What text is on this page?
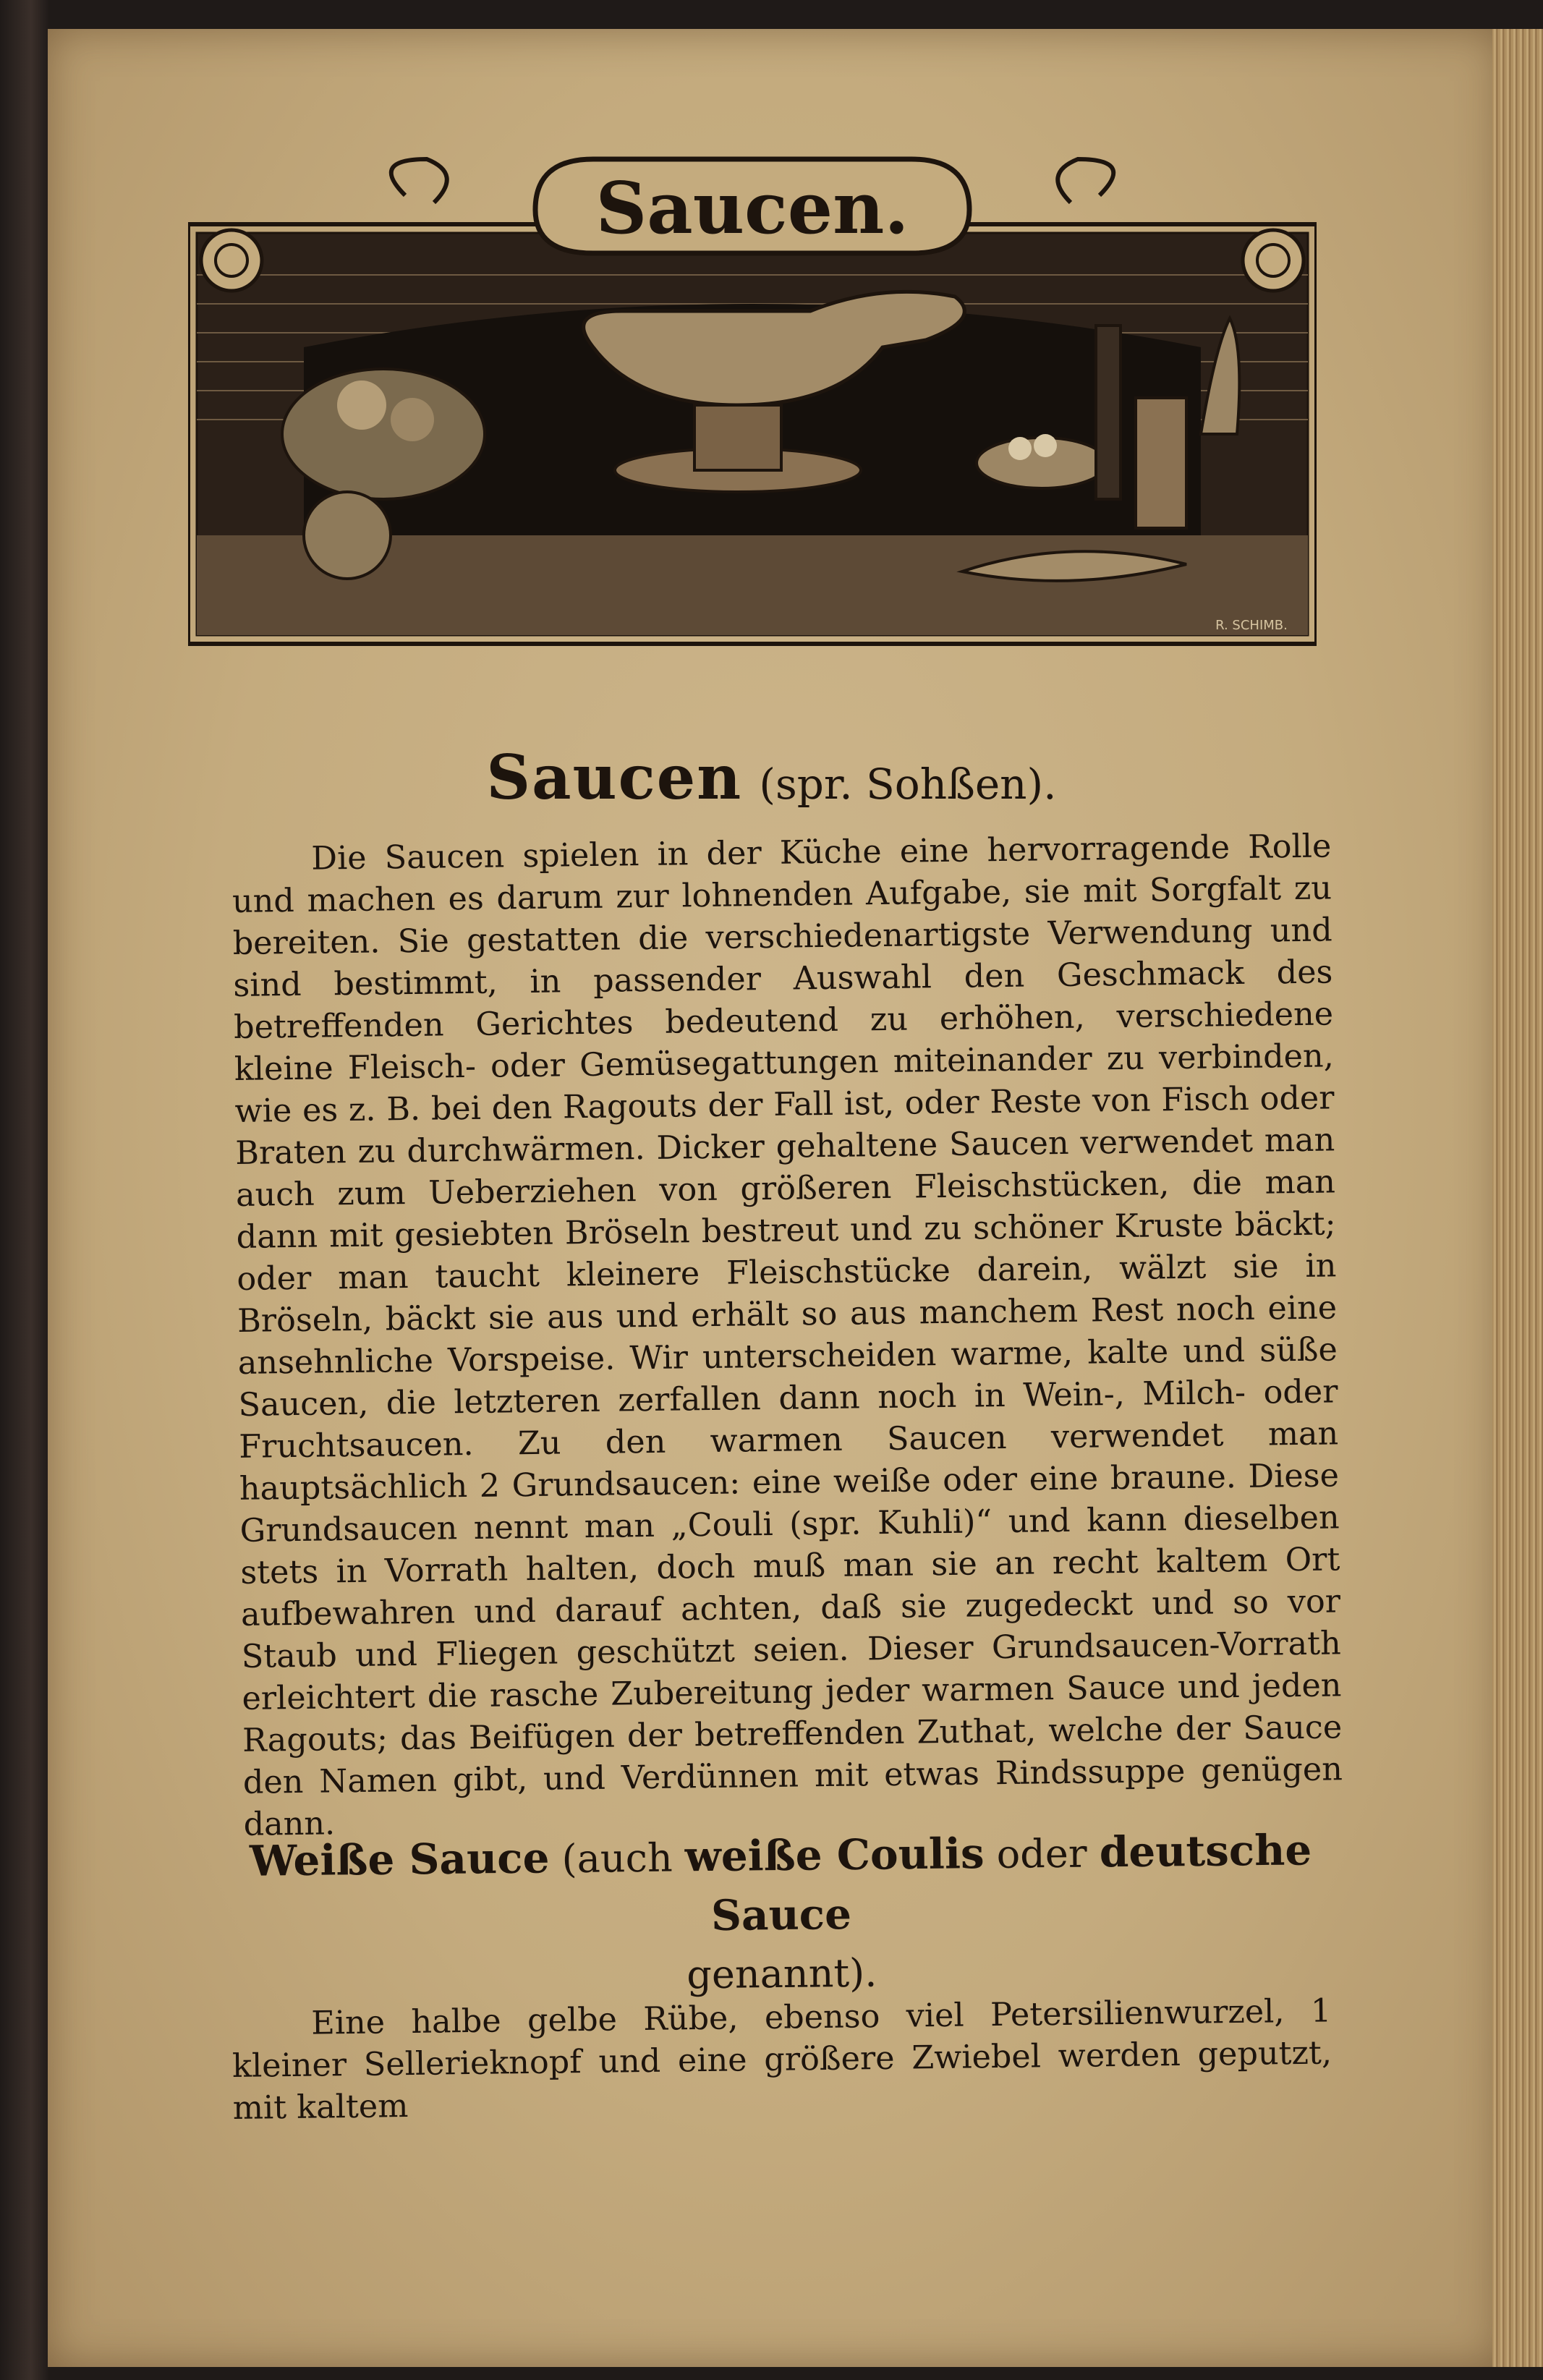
Saucen.
R. SCHIMB.
Saucen (spr. Sohßen).

Die Saucen spielen in der Küche eine hervorragende Rolle und machen es darum zur lohnenden Aufgabe, sie mit Sorgfalt zu bereiten. Sie gestatten die verschiedenartigste Verwendung und sind bestimmt, in passender Auswahl den Geschmack des betreffenden Gerichtes bedeutend zu erhöhen, verschiedene kleine Fleisch- oder Gemüsegattungen miteinander zu verbinden, wie es z. B. bei den Ragouts der Fall ist, oder Reste von Fisch oder Braten zu durchwärmen. Dicker gehaltene Saucen verwendet man auch zum Ueberziehen von größeren Fleischstücken, die man dann mit gesiebten Bröseln bestreut und zu schöner Kruste bäckt; oder man taucht kleinere Fleischstücke darein, wälzt sie in Bröseln, bäckt sie aus und erhält so aus manchem Rest noch eine ansehnliche Vorspeise. Wir unterscheiden warme, kalte und süße Saucen, die letzteren zerfallen dann noch in Wein-, Milch- oder Fruchtsaucen. Zu den warmen Saucen verwendet man hauptsächlich 2 Grundsaucen: eine weiße oder eine braune. Diese Grundsaucen nennt man „Couli (spr. Kuhli)“ und kann dieselben stets in Vorrath halten, doch muß man sie an recht kaltem Ort aufbewahren und darauf achten, daß sie zugedeckt und so vor Staub und Fliegen geschützt seien. Dieser Grundsaucen-Vorrath erleichtert die rasche Zubereitung jeder warmen Sauce und jeden Ragouts; das Beifügen der betreffenden Zuthat, welche der Sauce den Namen gibt, und Verdünnen mit etwas Rindssuppe genügen dann.

Weiße Sauce (auch weiße Coulis oder deutsche Sauce
genannt).

Eine halbe gelbe Rübe, ebenso viel Petersilienwurzel, 1 kleiner Sellerieknopf und eine größere Zwiebel werden geputzt, mit kaltem
